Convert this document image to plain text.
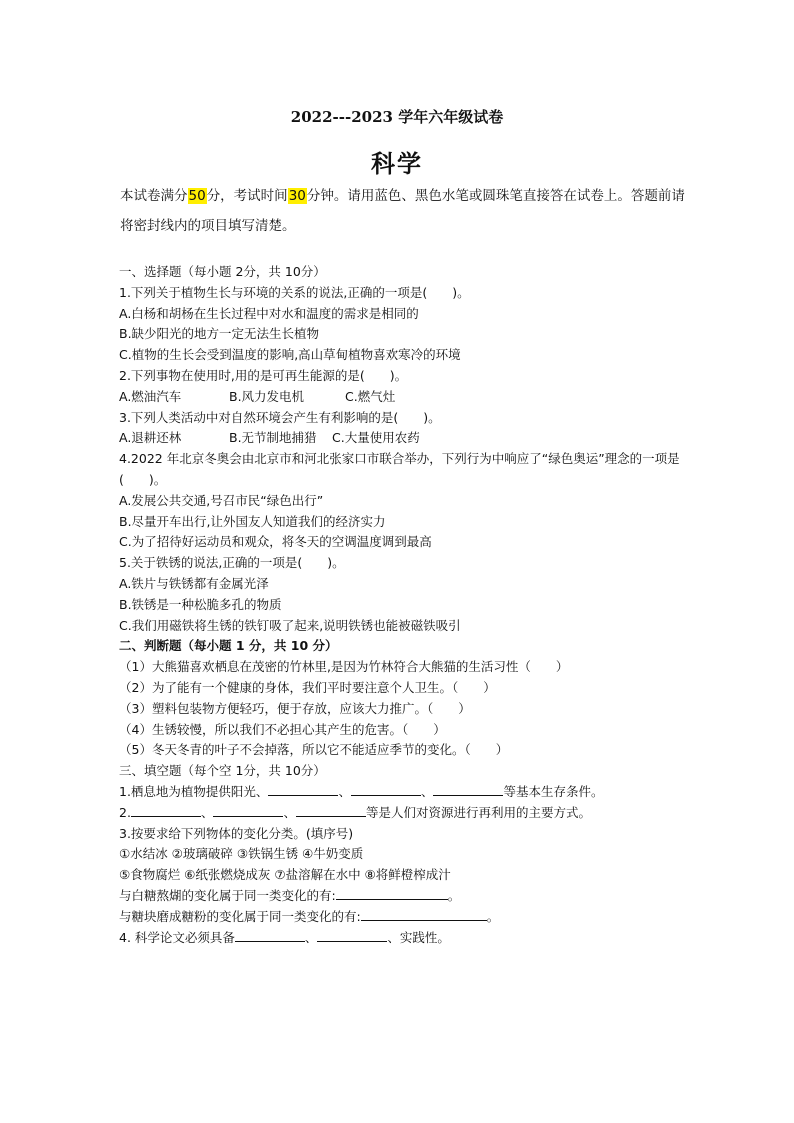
2022---2023 学年六年级试卷
科学
本试卷满分50分，考试时间30分钟。请用蓝色、黑色水笔或圆珠笔直接答在试卷上。答题前请将密封线内的项目填写清楚。
一、选择题（每小题 2分，共 10分）
1.下列关于植物生长与环境的关系的说法,正确的一项是(　　)。
A.白杨和胡杨在生长过程中对水和温度的需求是相同的
B.缺少阳光的地方一定无法生长植物
C.植物的生长会受到温度的影响,高山草甸植物喜欢寒冷的环境
2.下列事物在使用时,用的是可再生能源的是(　　)。
A.燃油汽车	B.风力发电机	C.燃气灶
3.下列人类活动中对自然环境会产生有利影响的是(　　)。
A.退耕还林	B.无节制地捕猎 C.大量使用农药
4.2022 年北京冬奥会由北京市和河北张家口市联合举办，下列行为中响应了“绿色奥运”理念的一项是(　　)。
A.发展公共交通,号召市民“绿色出行”
B.尽量开车出行,让外国友人知道我们的经济实力
C.为了招待好运动员和观众，将冬天的空调温度调到最高
5.关于铁锈的说法,正确的一项是(　　)。
A.铁片与铁锈都有金属光泽
B.铁锈是一种松脆多孔的物质
C.我们用磁铁将生锈的铁钉吸了起来,说明铁锈也能被磁铁吸引
二、判断题（每小题 1 分，共 10 分）
（1）大熊猫喜欢栖息在茂密的竹林里,是因为竹林符合大熊猫的生活习性（　　）
（2）为了能有一个健康的身体，我们平时要注意个人卫生。（　　）
（3）塑料包装物方便轻巧，便于存放，应该大力推广。（　　）
（4）生锈较慢，所以我们不必担心其产生的危害。（　　）
（5）冬天冬青的叶子不会掉落，所以它不能适应季节的变化。（　　）
三、填空题（每个空 1分，共 10分）
1.栖息地为植物提供阳光、	、	、	等基本生存条件。
2.	、	、	等是人们对资源进行再利用的主要方式。
3.按要求给下列物体的变化分类。(填序号)
①水结冰 ②玻璃破碎 ③铁锅生锈 ④牛奶变质
⑤食物腐烂 ⑥纸张燃烧成灰 ⑦盐溶解在水中 ⑧将鲜橙榨成汁
与白糖熬煳的变化属于同一类变化的有:	。
与糖块磨成糖粉的变化属于同一类变化的有:	。
4. 科学论文必须具备	、	、实践性。
